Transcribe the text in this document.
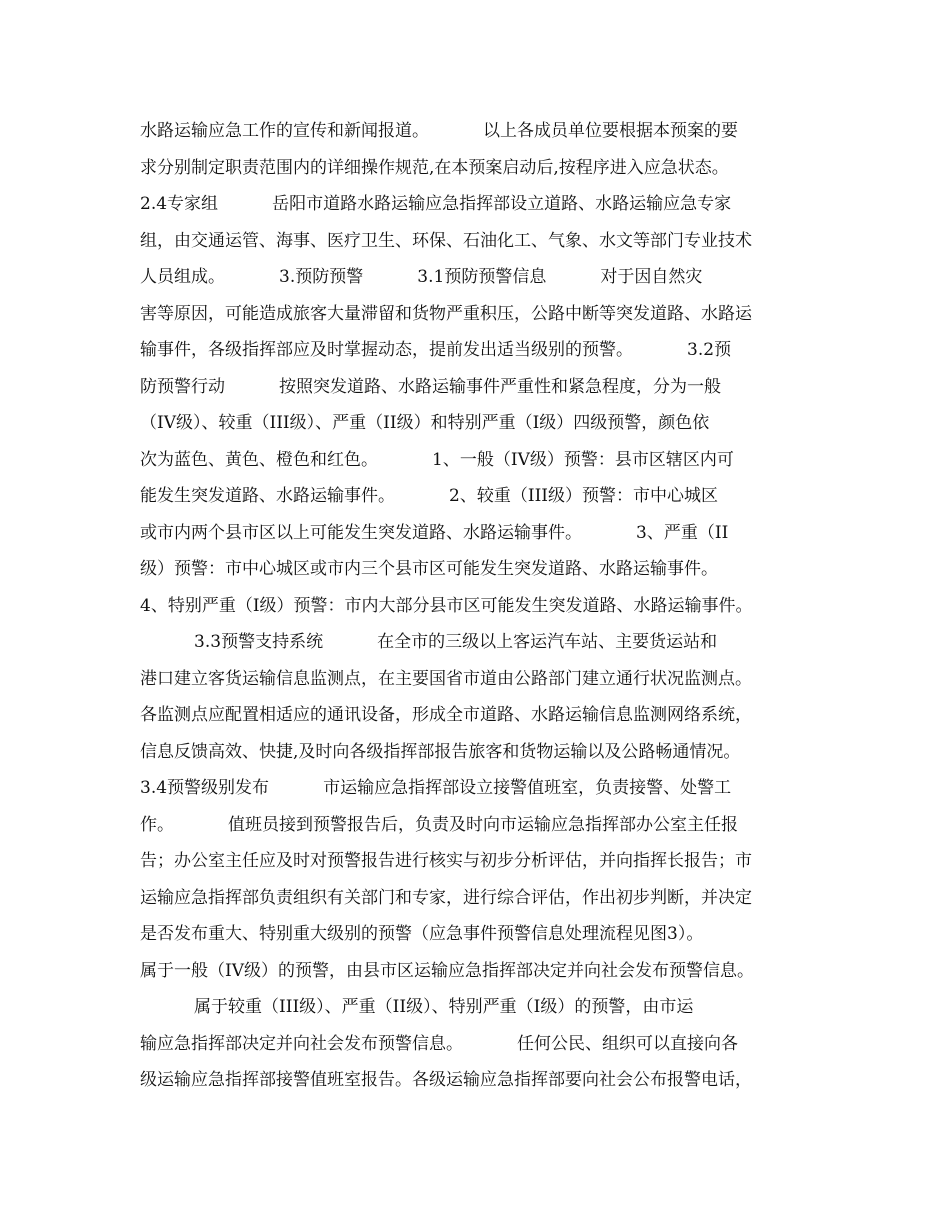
水路运输应急工作的宣传和新闻报道。          以上各成员单位要根据本预案的要
求分别制定职责范围内的详细操作规范,在本预案启动后,按程序进入应急状态。
2.4专家组          岳阳市道路水路运输应急指挥部设立道路、水路运输应急专家
组，由交通运管、海事、医疗卫生、环保、石油化工、气象、水文等部门专业技术
人员组成。          3.预防预警          3.1预防预警信息          对于因自然灾
害等原因，可能造成旅客大量滞留和货物严重积压，公路中断等突发道路、水路运
输事件，各级指挥部应及时掌握动态，提前发出适当级别的预警。          3.2预
防预警行动          按照突发道路、水路运输事件严重性和紧急程度，分为一般
（IV级）、较重（III级）、严重（II级）和特别严重（I级）四级预警，颜色依
次为蓝色、黄色、橙色和红色。          1、一般（IV级）预警：县市区辖区内可
能发生突发道路、水路运输事件。          2、较重（III级）预警：市中心城区
或市内两个县市区以上可能发生突发道路、水路运输事件。          3、严重（II
级）预警：市中心城区或市内三个县市区可能发生突发道路、水路运输事件。
4、特别严重（I级）预警：市内大部分县市区可能发生突发道路、水路运输事件。
3.3预警支持系统          在全市的三级以上客运汽车站、主要货运站和
港口建立客货运输信息监测点，在主要国省市道由公路部门建立通行状况监测点。
各监测点应配置相适应的通讯设备，形成全市道路、水路运输信息监测网络系统，
信息反馈高效、快捷,及时向各级指挥部报告旅客和货物运输以及公路畅通情况。
3.4预警级别发布          市运输应急指挥部设立接警值班室，负责接警、处警工
作。          值班员接到预警报告后，负责及时向市运输应急指挥部办公室主任报
告；办公室主任应及时对预警报告进行核实与初步分析评估，并向指挥长报告；市
运输应急指挥部负责组织有关部门和专家，进行综合评估，作出初步判断，并决定
是否发布重大、特别重大级别的预警（应急事件预警信息处理流程见图3）。
属于一般（IV级）的预警，由县市区运输应急指挥部决定并向社会发布预警信息。
属于较重（III级）、严重（II级）、特别严重（I级）的预警，由市运
输应急指挥部决定并向社会发布预警信息。          任何公民、组织可以直接向各
级运输应急指挥部接警值班室报告。各级运输应急指挥部要向社会公布报警电话，
